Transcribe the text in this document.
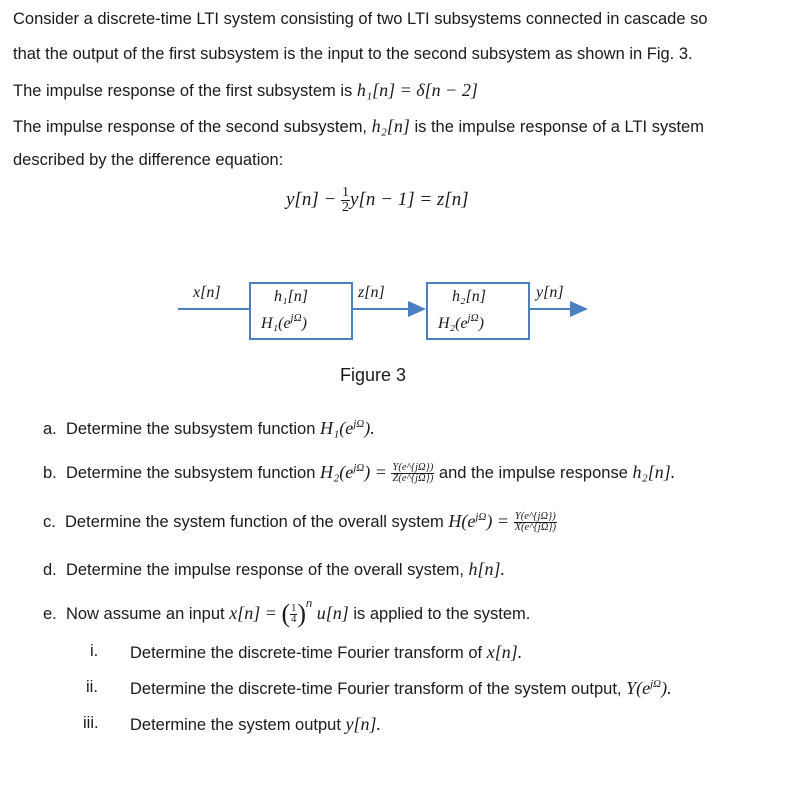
Consider a discrete-time LTI system consisting of two LTI subsystems connected in cascade so
that the output of the first subsystem is the input to the second subsystem as shown in Fig. 3.
The impulse response of the first subsystem is h₁[n] = δ[n − 2]
The impulse response of the second subsystem, h₂[n] is the impulse response of a LTI system
described by the difference equation:
$y[n] - \frac{1}{2} y[n - 1] = z[n]$
x[n]	h₁[n]
$H_1(e^{j\Omega})$
z[n]	h₂[n]
$H_2(e^{j\Omega})$
y[n]
Figure 3
a. Determine the subsystem function $H_1(e^{j\Omega})$.
b. Determine the subsystem function $H_2(e^{j\Omega}) = \frac{Y(e\^{}\{j\Omega\})}{Z(e\^{}\{j\Omega\})}$ and the impulse response h₂[n].
c. Determine the system function of the overall system $H(e^{j\Omega}) = \frac{Y(e\^{}\{j\Omega\})}{X(e\^{}\{j\Omega\})}$
d. Determine the impulse response of the overall system, h[n].
e. Now assume an input x[n] = ( $\frac{1}{4} )^n$ u[n] is applied to the system.
i. Determine the discrete-time Fourier transform of x[n].
ii. Determine the discrete-time Fourier transform of the system output, $Y(e^{j\Omega})$.
iii. Determine the system output y[n].
